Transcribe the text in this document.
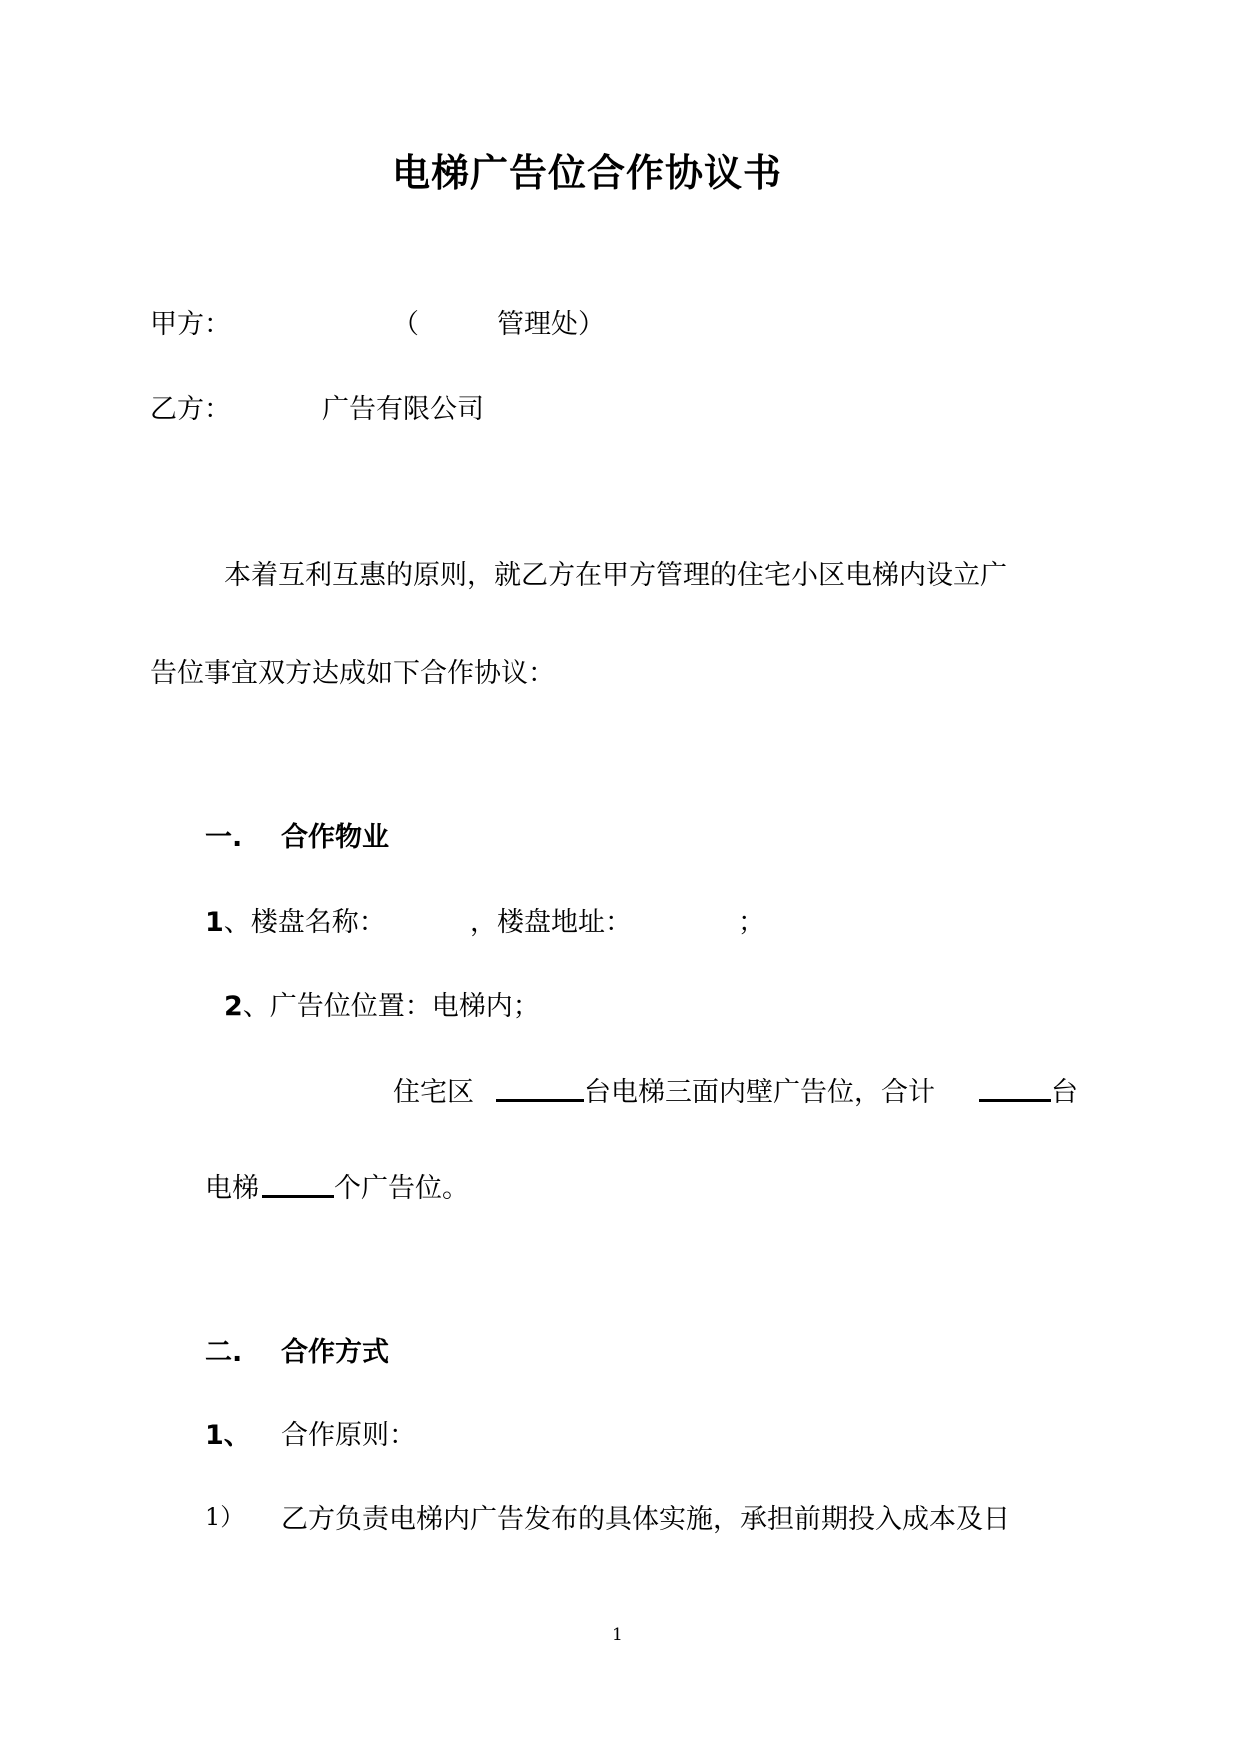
电梯广告位合作协议书
甲方：	（	管理处）
乙方：	广告有限公司
本着互利互惠的原则，就乙方在甲方管理的住宅小区电梯内设立广
告位事宜双方达成如下合作协议：
一. 合作物业
1、楼盘名称：	，楼盘地址：	；
2、广告位位置：电梯内；
住宅区	台电梯三面内壁广告位，合计	台
电梯	个广告位。
二. 合作方式
1、 合作原则：
1） 乙方负责电梯内广告发布的具体实施，承担前期投入成本及日
1
